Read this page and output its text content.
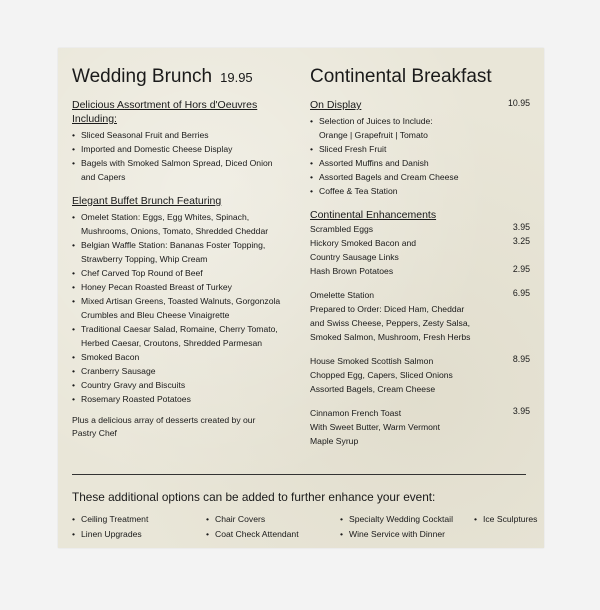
Wedding Brunch 19.95
Delicious Assortment of Hors d'Oeuvres
Including:
• Sliced Seasonal Fruit and Berries
• Imported and Domestic Cheese Display
• Bagels with Smoked Salmon Spread, Diced Onion
and Capers
Elegant Buffet Brunch Featuring
• Omelet Station: Eggs, Egg Whites, Spinach,
Mushrooms, Onions, Tomato, Shredded Cheddar
• Belgian Waffle Station: Bananas Foster Topping,
Strawberry Topping, Whip Cream
• Chef Carved Top Round of Beef
• Honey Pecan Roasted Breast of Turkey
• Mixed Artisan Greens, Toasted Walnuts, Gorgonzola
Crumbles and Bleu Cheese Vinaigrette
• Traditional Caesar Salad, Romaine, Cherry Tomato,
Herbed Caesar, Croutons, Shredded Parmesan
• Smoked Bacon
• Cranberry Sausage
• Country Gravy and Biscuits
• Rosemary Roasted Potatoes
Plus a delicious array of desserts created by our
Pastry Chef
Continental Breakfast
On Display	10.95
• Selection of Juices to Include:
Orange | Grapefruit | Tomato
• Sliced Fresh Fruit
• Assorted Muffins and Danish
• Assorted Bagels and Cream Cheese
• Coffee & Tea Station
Continental Enhancements
Scrambled Eggs	3.95
Hickory Smoked Bacon and	3.25
Country Sausage Links
Hash Brown Potatoes	2.95
Omelette Station	6.95
Prepared to Order: Diced Ham, Cheddar
and Swiss Cheese, Peppers, Zesty Salsa,
Smoked Salmon, Mushroom, Fresh Herbs
House Smoked Scottish Salmon	8.95
Chopped Egg, Capers, Sliced Onions
Assorted Bagels, Cream Cheese
Cinnamon French Toast	3.95
With Sweet Butter, Warm Vermont
Maple Syrup
These additional options can be added to further enhance your event:
• Ceiling Treatment	• Chair Covers	• Specialty Wedding Cocktail	• Ice Sculptures
• Linen Upgrades	• Coat Check Attendant	• Wine Service with Dinner
